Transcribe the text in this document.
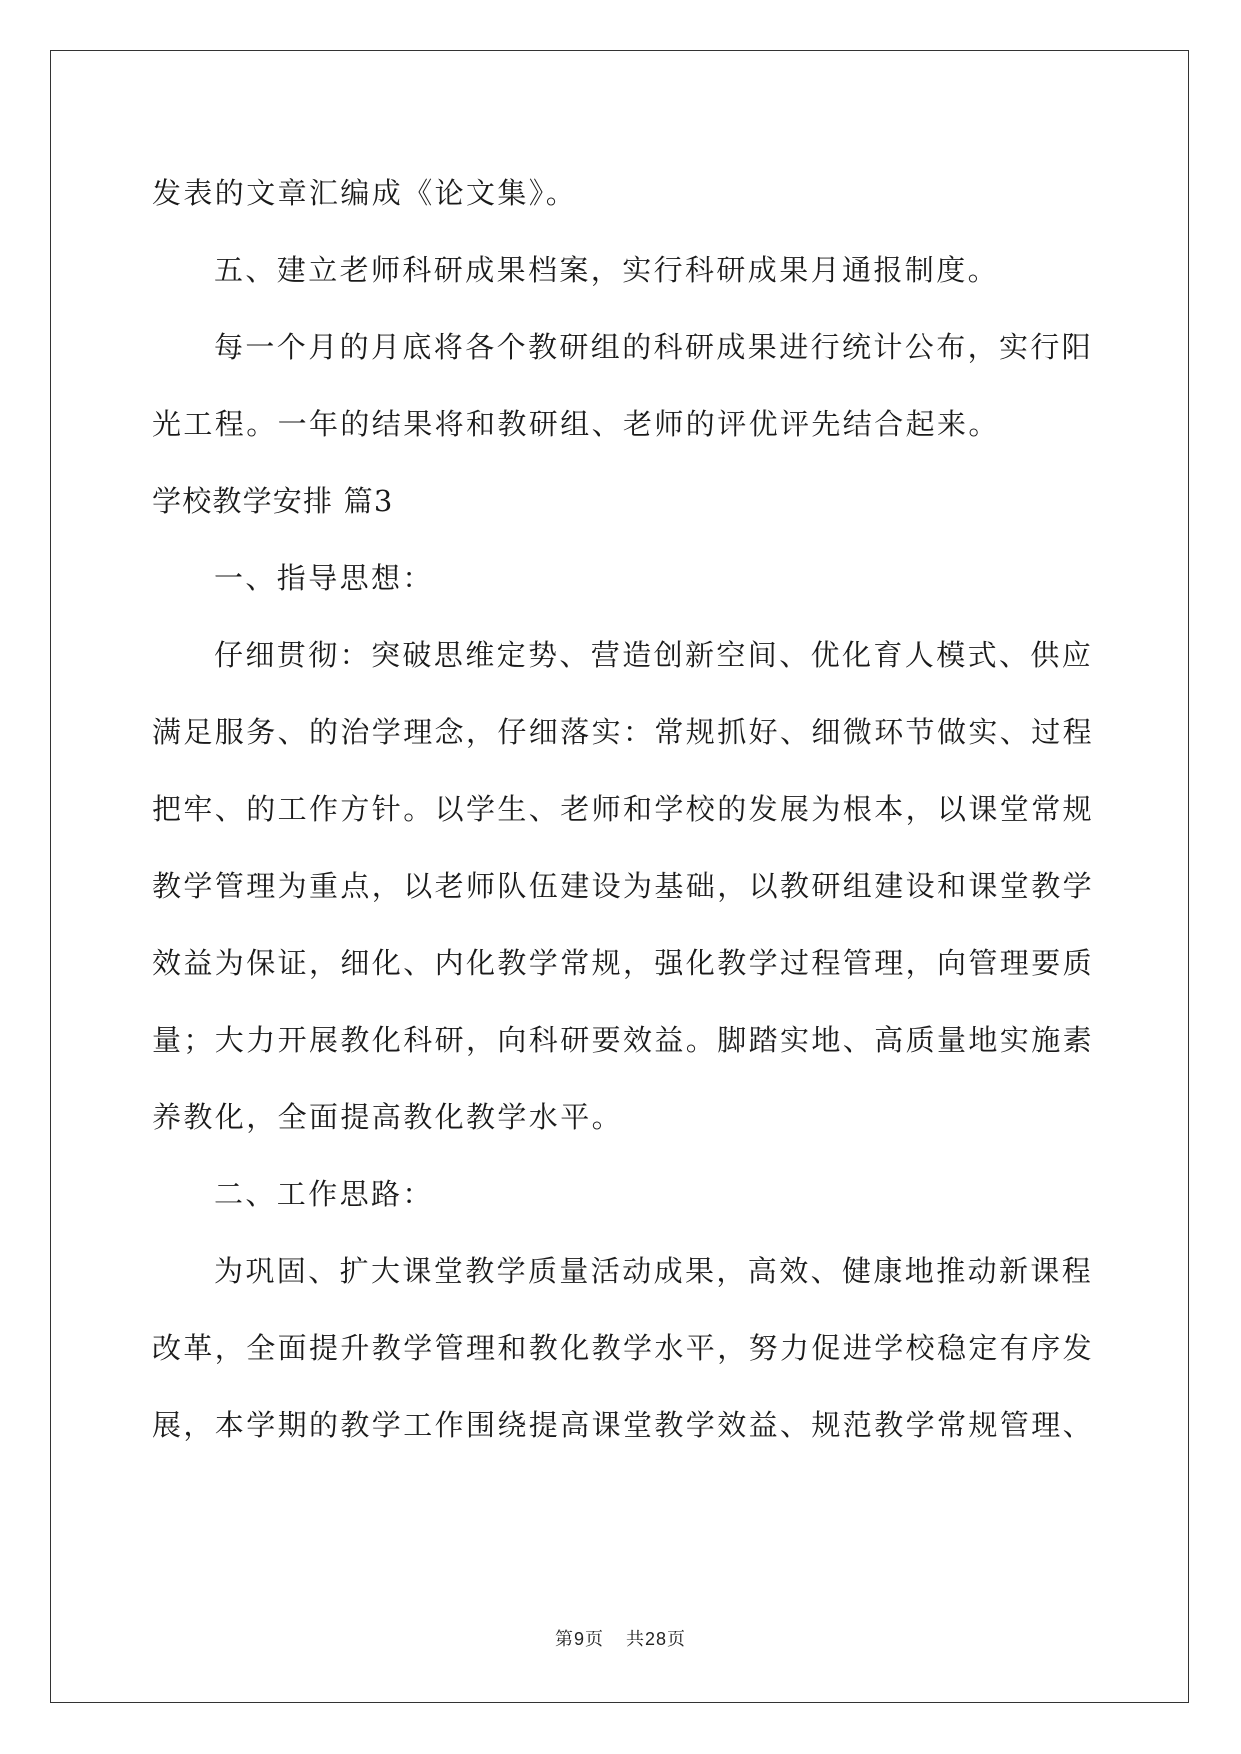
发表的文章汇编成《论文集》。
五、建立老师科研成果档案，实行科研成果月通报制度。
每一个月的月底将各个教研组的科研成果进行统计公布，实行阳
光工程。一年的结果将和教研组、老师的评优评先结合起来。
学校教学安排 篇3
一、指导思想：
仔细贯彻：突破思维定势、营造创新空间、优化育人模式、供应
满足服务、的治学理念，仔细落实：常规抓好、细微环节做实、过程
把牢、的工作方针。以学生、老师和学校的发展为根本，以课堂常规
教学管理为重点，以老师队伍建设为基础，以教研组建设和课堂教学
效益为保证，细化、内化教学常规，强化教学过程管理，向管理要质
量；大力开展教化科研，向科研要效益。脚踏实地、高质量地实施素
养教化，全面提高教化教学水平。
二、工作思路：
为巩固、扩大课堂教学质量活动成果，高效、健康地推动新课程
改革，全面提升教学管理和教化教学水平，努力促进学校稳定有序发
展，本学期的教学工作围绕提高课堂教学效益、规范教学常规管理、
第9页 共28页
